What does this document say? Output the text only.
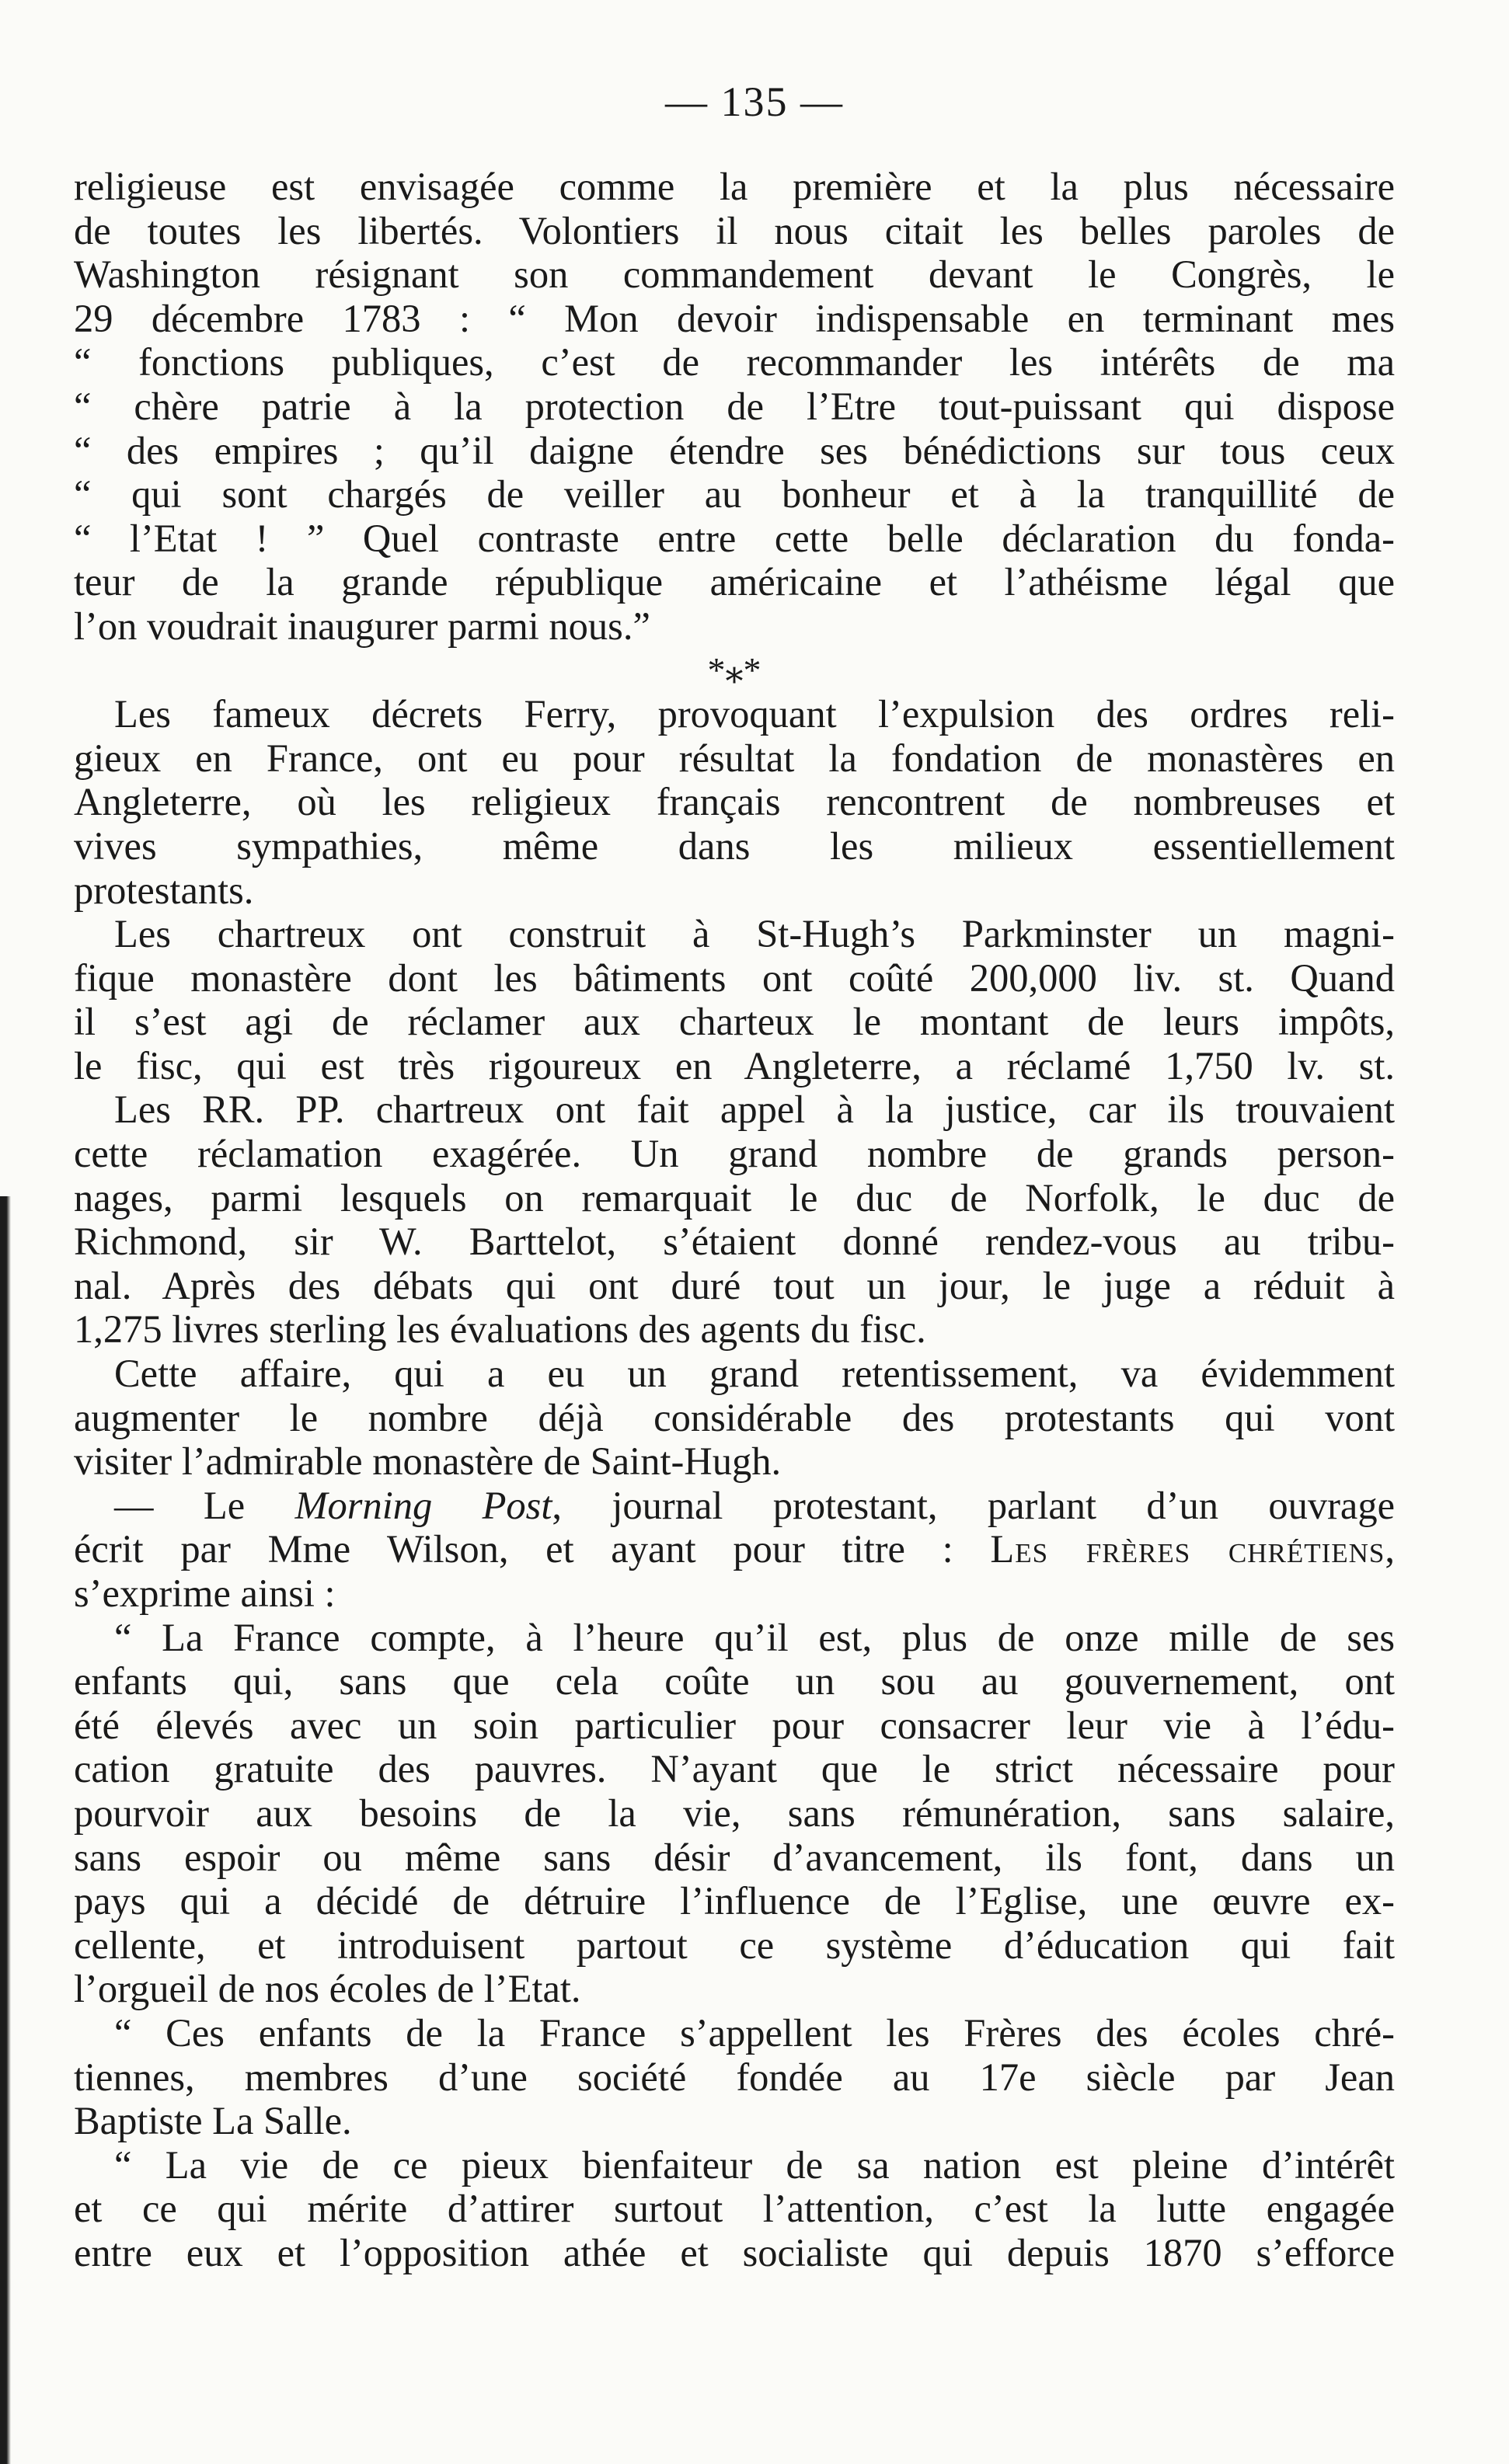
— 135 —
religieuse est envisagée comme la première et la plus nécessaire
de toutes les libertés. Volontiers il nous citait les belles paroles de
Washington résignant son commandement devant le Congrès, le
29 décembre 1783 : “ Mon devoir indispensable en terminant mes
“ fonctions publiques, c’est de recommander les intérêts de ma
“ chère patrie à la protection de l’Etre tout-puissant qui dispose
“ des empires ; qu’il daigne étendre ses bénédictions sur tous ceux
“ qui sont chargés de veiller au bonheur et à la tranquillité de
“ l’Etat ! ” Quel contraste entre cette belle déclaration du fonda-
teur de la grande république américaine et l’athéisme légal que
l’on voudrait inaugurer parmi nous.”
*⁎*
Les fameux décrets Ferry, provoquant l’expulsion des ordres reli-
gieux en France, ont eu pour résultat la fondation de monastères en
Angleterre, où les religieux français rencontrent de nombreuses et
vives sympathies, même dans les milieux essentiellement
protestants.
Les chartreux ont construit à St-Hugh’s Parkminster un magni-
fique monastère dont les bâtiments ont coûté 200,000 liv. st. Quand
il s’est agi de réclamer aux charteux le montant de leurs impôts,
le fisc, qui est très rigoureux en Angleterre, a réclamé 1,750 lv. st.
Les RR. PP. chartreux ont fait appel à la justice, car ils trouvaient
cette réclamation exagérée. Un grand nombre de grands person-
nages, parmi lesquels on remarquait le duc de Norfolk, le duc de
Richmond, sir W. Barttelot, s’étaient donné rendez-vous au tribu-
nal. Après des débats qui ont duré tout un jour, le juge a réduit à
1,275 livres sterling les évaluations des agents du fisc.
Cette affaire, qui a eu un grand retentissement, va évidemment
augmenter le nombre déjà considérable des protestants qui vont
visiter l’admirable monastère de Saint-Hugh.
— Le Morning Post, journal protestant, parlant d’un ouvrage
écrit par Mme Wilson, et ayant pour titre : Les frères chrétiens,
s’exprime ainsi :
“ La France compte, à l’heure qu’il est, plus de onze mille de ses
enfants qui, sans que cela coûte un sou au gouvernement, ont
été élevés avec un soin particulier pour consacrer leur vie à l’édu-
cation gratuite des pauvres. N’ayant que le strict nécessaire pour
pourvoir aux besoins de la vie, sans rémunération, sans salaire,
sans espoir ou même sans désir d’avancement, ils font, dans un
pays qui a décidé de détruire l’influence de l’Eglise, une œuvre ex-
cellente, et introduisent partout ce système d’éducation qui fait
l’orgueil de nos écoles de l’Etat.
“ Ces enfants de la France s’appellent les Frères des écoles chré-
tiennes, membres d’une société fondée au 17e siècle par Jean
Baptiste La Salle.
“ La vie de ce pieux bienfaiteur de sa nation est pleine d’intérêt
et ce qui mérite d’attirer surtout l’attention, c’est la lutte engagée
entre eux et l’opposition athée et socialiste qui depuis 1870 s’efforce
